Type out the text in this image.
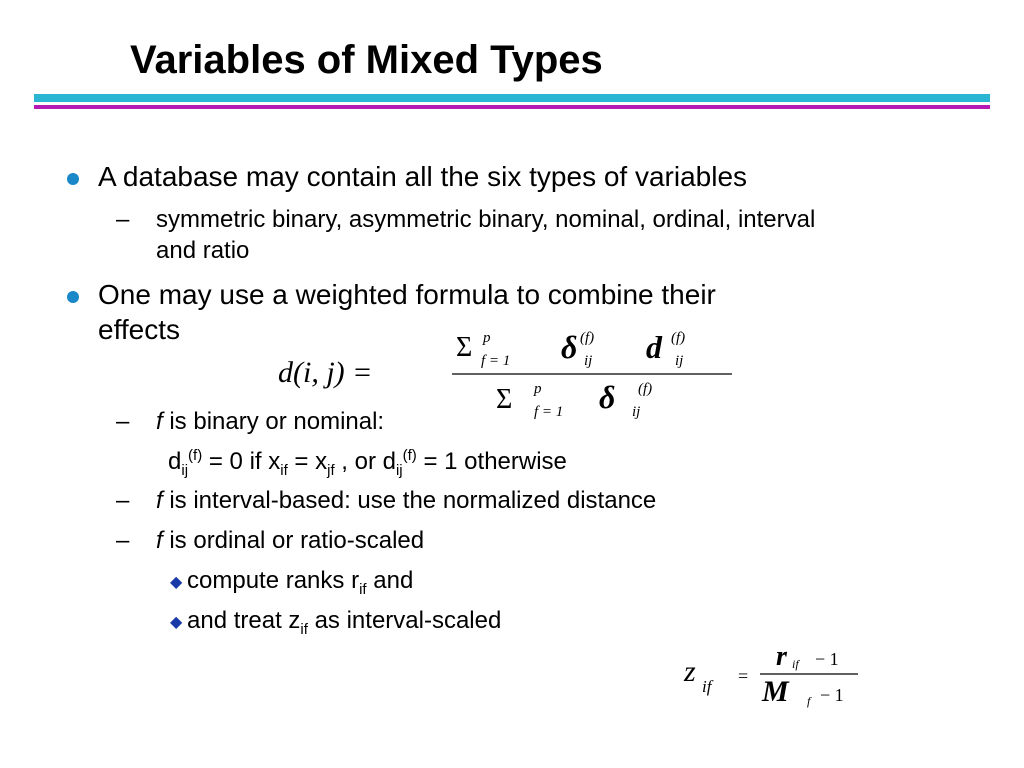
Variables of Mixed Types
A database may contain all the six types of variables
– symmetric binary, asymmetric binary, nominal, ordinal, interval
and ratio
One may use a weighted formula to combine their
effects
d(i, j) =
Σ p
f = 1 δ (f)
ij d (f)
ij
Σ p
f = 1 δ (f)
ij
– f is binary or nominal:
$d_{ij}^{(f)} = 0$ if $x_{if} = x_{jf}$ , or $d_{ij}^{(f)} = 1$ otherwise
– f is interval-based: use the normalized distance
– f is ordinal or ratio-scaled
◆ compute ranks $r_{if}$ and
◆ and treat $z_{if}$ as interval-scaled
z if
=
r if − 1
M f − 1
